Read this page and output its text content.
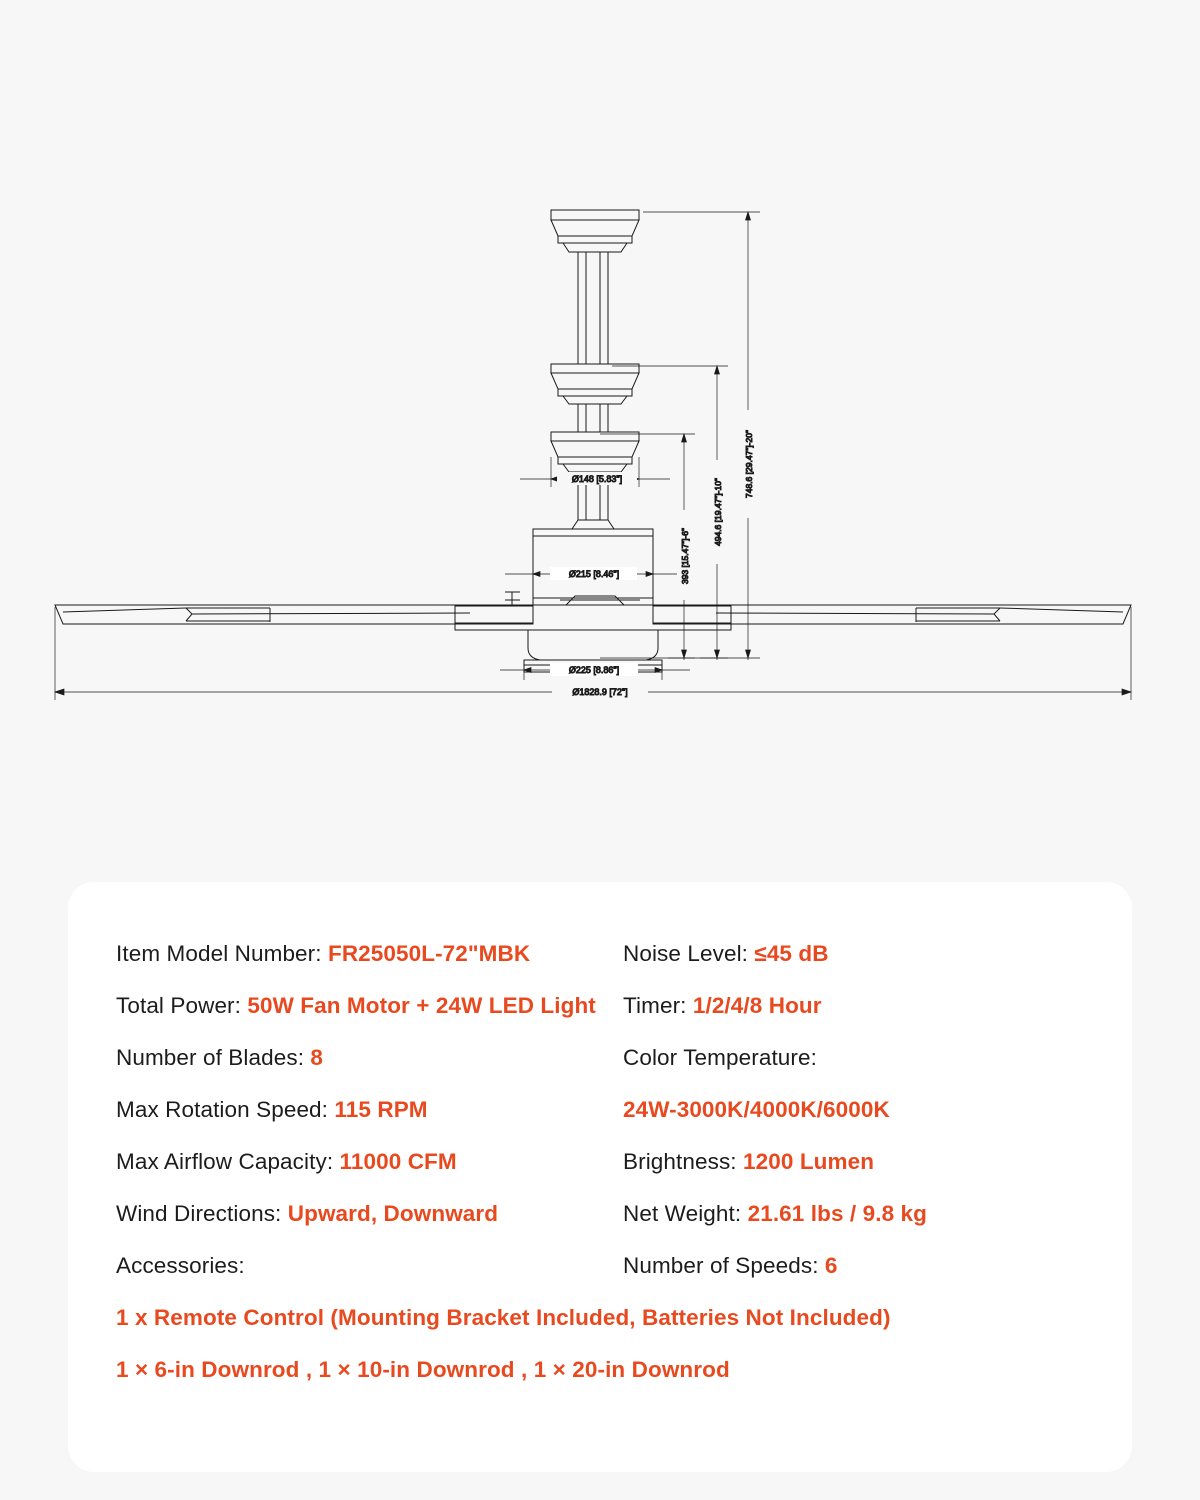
Ø148 [5.83"]
Ø215 [8.46"]
Ø225 [8.86"]
Ø1828.9 [72"]
393 [15.47"]-6"
494.6 [19.47"]-10"
748.6 [29.47"]-20"
Item Model Number: FR25050L-72"MBK
Total Power: 50W Fan Motor + 24W LED Light
Number of Blades: 8
Max Rotation Speed: 115 RPM
Max Airflow Capacity: 11000 CFM
Wind Directions: Upward, Downward
Accessories:
Noise Level: ≤45 dB
Timer: 1/2/4/8 Hour
Color Temperature:
24W-3000K/4000K/6000K
Brightness: 1200 Lumen
Net Weight: 21.61 lbs / 9.8 kg
Number of Speeds: 6
1 x Remote Control (Mounting Bracket Included, Batteries Not Included)
1 × 6-in Downrod , 1 × 10-in Downrod , 1 × 20-in Downrod
